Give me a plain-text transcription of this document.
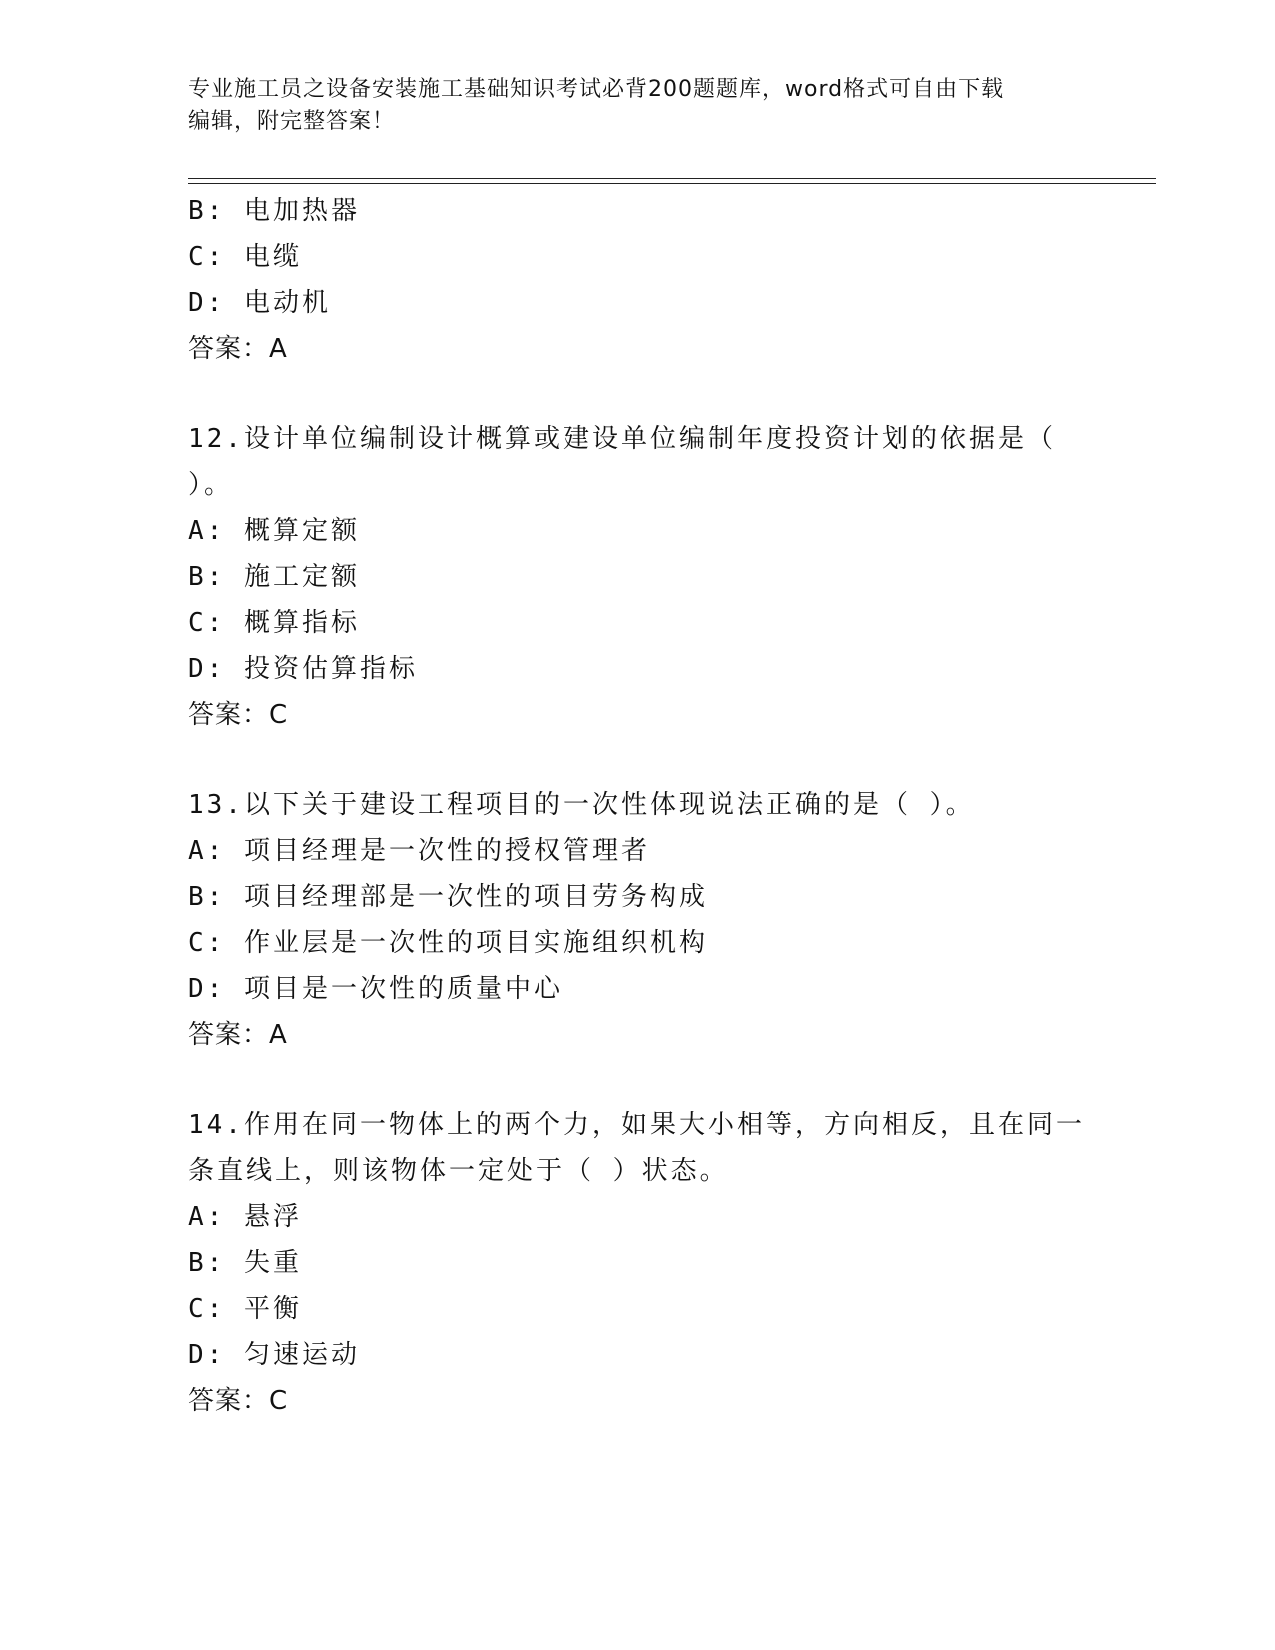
专业施工员之设备安装施工基础知识考试必背200题题库，word格式可自由下载
编辑，附完整答案！
B: 电加热器
C: 电缆
D: 电动机
答案：A
12.设计单位编制设计概算或建设单位编制年度投资计划的依据是（
）。
A: 概算定额
B: 施工定额
C: 概算指标
D: 投资估算指标
答案：C
13.以下关于建设工程项目的一次性体现说法正确的是（ ）。
A: 项目经理是一次性的授权管理者
B: 项目经理部是一次性的项目劳务构成
C: 作业层是一次性的项目实施组织机构
D: 项目是一次性的质量中心
答案：A
14.作用在同一物体上的两个力，如果大小相等，方向相反，且在同一
条直线上，则该物体一定处于（ ）状态。
A: 悬浮
B: 失重
C: 平衡
D: 匀速运动
答案：C
